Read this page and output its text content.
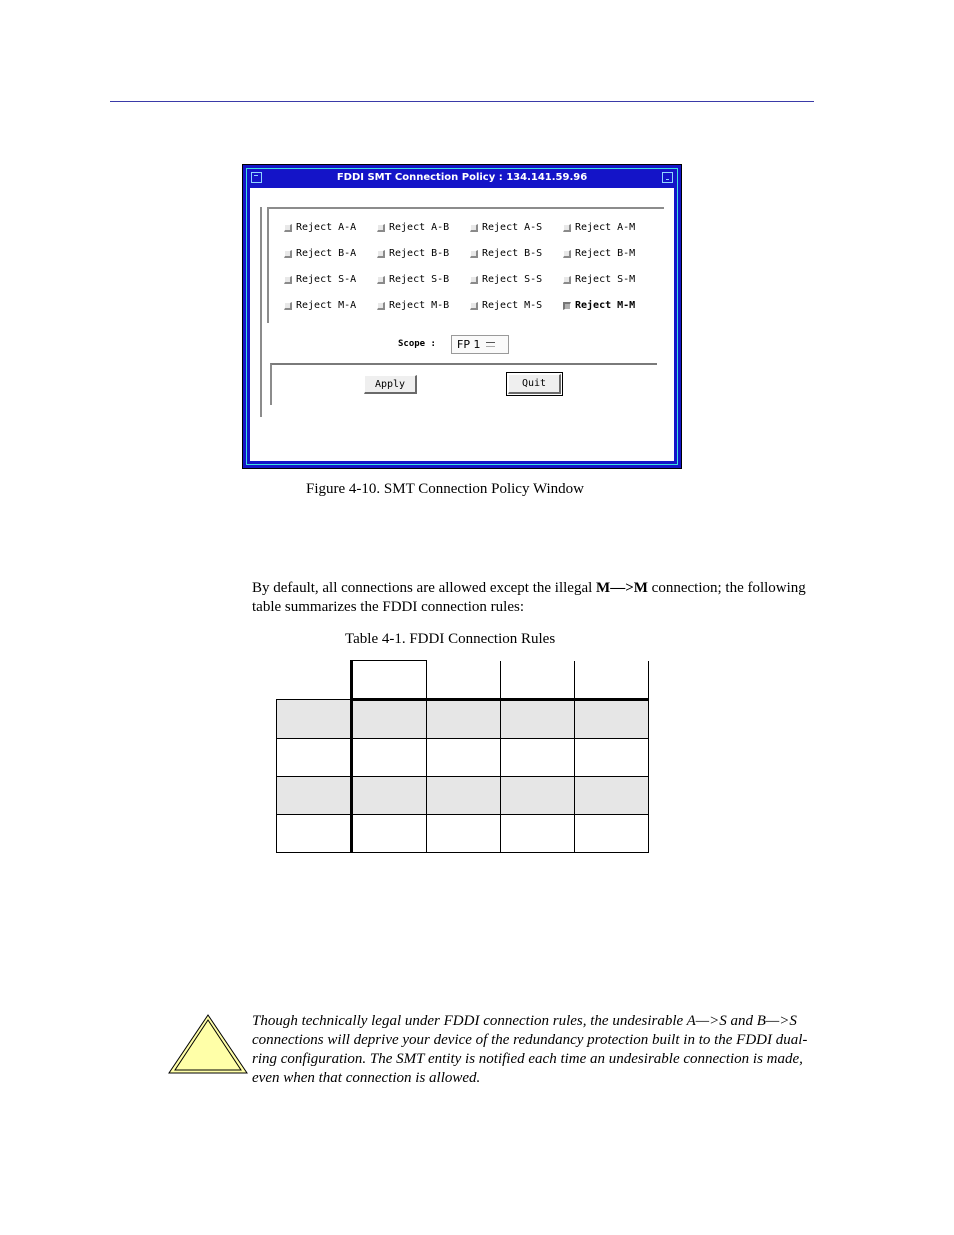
FDDI SMT Connection Policy : 134.141.59.96
Reject A-A	Reject A-B	Reject A-S	Reject A-M
Reject B-A	Reject B-B	Reject B-S	Reject B-M
Reject S-A	Reject S-B	Reject S-S	Reject S-M
Reject M-A	Reject M-B	Reject M-S	Reject M-M
Scope : FP 1
Apply	Quit
Figure 4-10. SMT Connection Policy Window
By default, all connections are allowed except the illegal M—>M connection; the following table summarizes the FDDI connection rules:
Table 4-1. FDDI Connection Rules

Though technically legal under FDDI connection rules, the undesirable A—>S and B—>S connections will deprive your device of the redundancy protection built in to the FDDI dual-ring configuration. The SMT entity is notified each time an undesirable connection is made, even when that connection is allowed.
